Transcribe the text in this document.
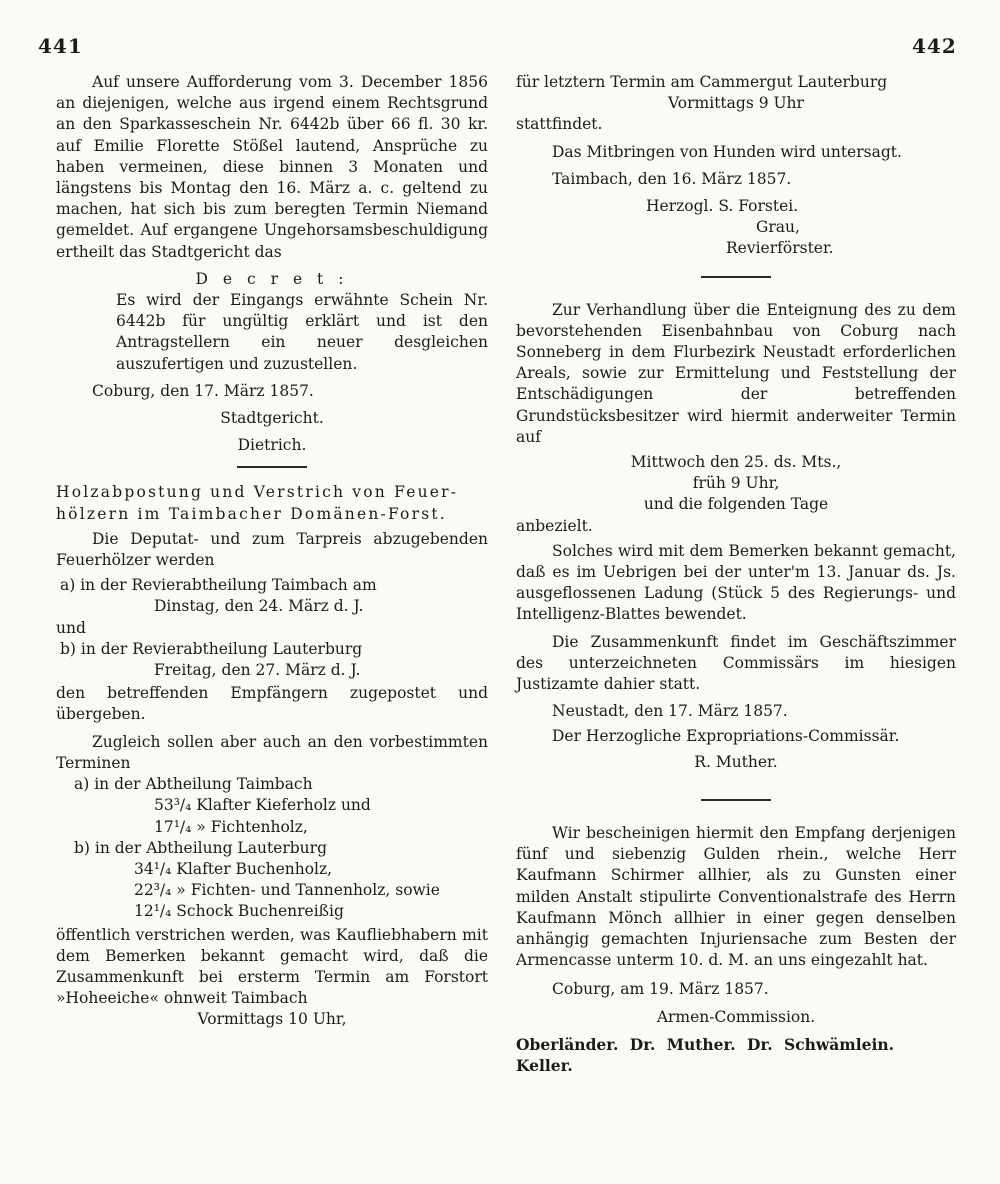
441	442

Auf unsere Aufforderung vom 3. December 1856 an diejenigen, welche aus irgend einem Rechtsgrund an den Sparkasseschein Nr. 6442b über 66 fl. 30 kr. auf Emilie Florette Stößel lautend, Ansprüche zu haben vermeinen, diese binnen 3 Monaten und längstens bis Montag den 16. März a. c. geltend zu machen, hat sich bis zum beregten Termin Niemand gemeldet. Auf ergangene Ungehorsamsbeschuldigung ertheilt das Stadtgericht das

D e c r e t :

Es wird der Eingangs erwähnte Schein Nr. 6442b für ungültig erklärt und ist den Antragstellern ein neuer desgleichen auszufertigen und zuzustellen.

Coburg, den 17. März 1857.

Stadtgericht.

Dietrich.

Holzabpostung und Verstrich von Feuer-

hölzern im Taimbacher Domänen-Forst.

Die Deputat- und zum Tarpreis abzugebenden Feuerhölzer werden

a) in der Revierabtheilung Taimbach am

Dinstag, den 24. März d. J.

und

b) in der Revierabtheilung Lauterburg

Freitag, den 27. März d. J.

den betreffenden Empfängern zugepostet und übergeben.

Zugleich sollen aber auch an den vorbestimmten Terminen

a) in der Abtheilung Taimbach

53³/₄ Klafter Kieferholz und

17¹/₄ » Fichtenholz,

b) in der Abtheilung Lauterburg

34¹/₄ Klafter Buchenholz,

22³/₄ » Fichten- und Tannenholz, sowie

12¹/₄ Schock Buchenreißig

öffentlich verstrichen werden, was Kaufliebhabern mit dem Bemerken bekannt gemacht wird, daß die Zusammenkunft bei ersterm Termin am Forstort »Hoheeiche« ohnweit Taimbach

Vormittags 10 Uhr,

für letztern Termin am Cammergut Lauterburg

Vormittags 9 Uhr

stattfindet.

Das Mitbringen von Hunden wird untersagt.

Taimbach, den 16. März 1857.

Herzogl. S. Forstei.

Grau,

Revierförster.

Zur Verhandlung über die Enteignung des zu dem bevorstehenden Eisenbahnbau von Coburg nach Sonneberg in dem Flurbezirk Neustadt erforderlichen Areals, sowie zur Ermittelung und Feststellung der Entschädigungen der betreffenden Grundstücksbesitzer wird hiermit anderweiter Termin auf

Mittwoch den 25. ds. Mts.,

früh 9 Uhr,

und die folgenden Tage

anbezielt.

Solches wird mit dem Bemerken bekannt gemacht, daß es im Uebrigen bei der unter'm 13. Januar ds. Js. ausgeflossenen Ladung (Stück 5 des Regierungs- und Intelligenz-Blattes bewendet.

Die Zusammenkunft findet im Geschäftszimmer des unterzeichneten Commissärs im hiesigen Justizamte dahier statt.

Neustadt, den 17. März 1857.

Der Herzogliche Expropriations-Commissär.

R. Muther.

Wir bescheinigen hiermit den Empfang derjenigen fünf und siebenzig Gulden rhein., welche Herr Kaufmann Schirmer allhier, als zu Gunsten einer milden Anstalt stipulirte Conventionalstrafe des Herrn Kaufmann Mönch allhier in einer gegen denselben anhängig gemachten Injuriensache zum Besten der Armencasse unterm 10. d. M. an uns eingezahlt hat.

Coburg, am 19. März 1857.

Armen-Commission.

Oberländer. Dr. Muther. Dr. Schwämlein. Keller.
